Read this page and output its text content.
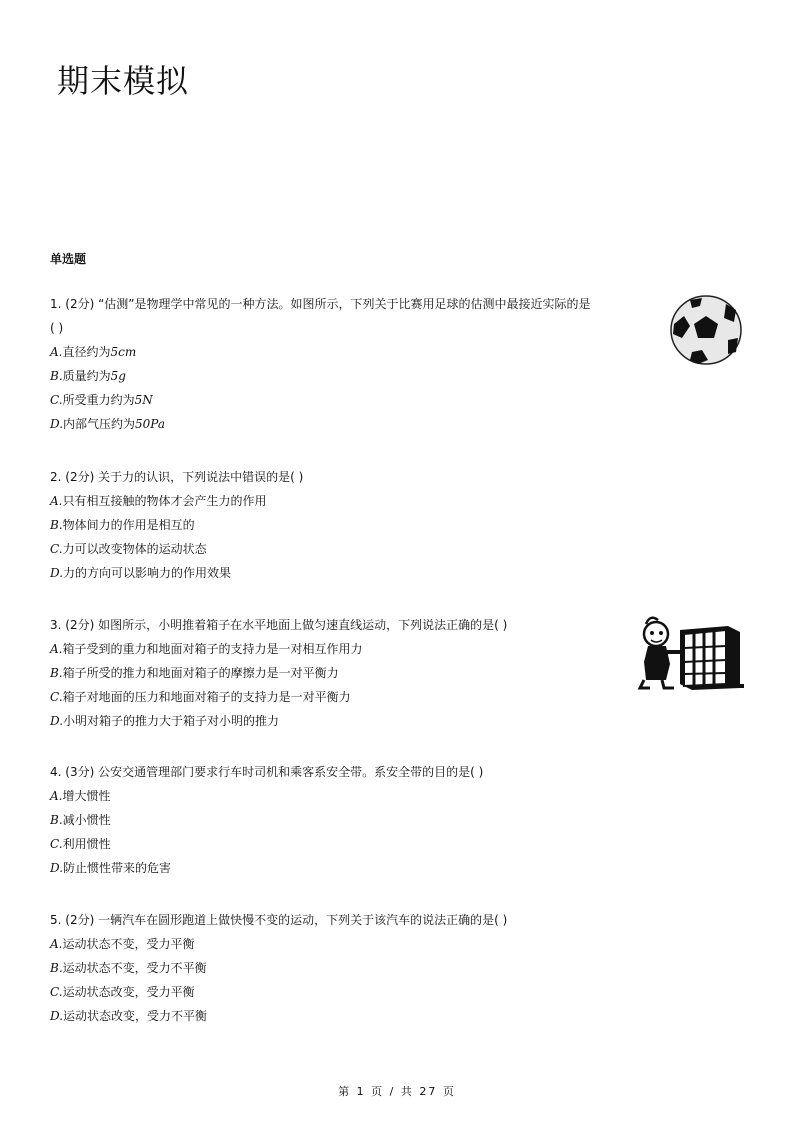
期末模拟
单选题
1. (2分) “估测”是物理学中常见的一种方法。如图所示，下列关于比赛用足球的估测中最接近实际的是
( )
A.直径约为5cm
B.质量约为5g
C.所受重力约为5N
D.内部气压约为50Pa
2. (2分) 关于力的认识，下列说法中错误的是( )
A.只有相互接触的物体才会产生力的作用
B.物体间力的作用是相互的
C.力可以改变物体的运动状态
D.力的方向可以影响力的作用效果
3. (2分) 如图所示，小明推着箱子在水平地面上做匀速直线运动，下列说法正确的是( )
A.箱子受到的重力和地面对箱子的支持力是一对相互作用力
B.箱子所受的推力和地面对箱子的摩擦力是一对平衡力
C.箱子对地面的压力和地面对箱子的支持力是一对平衡力
D.小明对箱子的推力大于箱子对小明的推力
4. (3分) 公安交通管理部门要求行车时司机和乘客系安全带。系安全带的目的是( )
A.增大惯性
B.减小惯性
C.利用惯性
D.防止惯性带来的危害
5. (2分) 一辆汽车在圆形跑道上做快慢不变的运动，下列关于该汽车的说法正确的是( )
A.运动状态不变，受力平衡
B.运动状态不变，受力不平衡
C.运动状态改变，受力平衡
D.运动状态改变，受力不平衡
第 1 页 / 共 27 页
